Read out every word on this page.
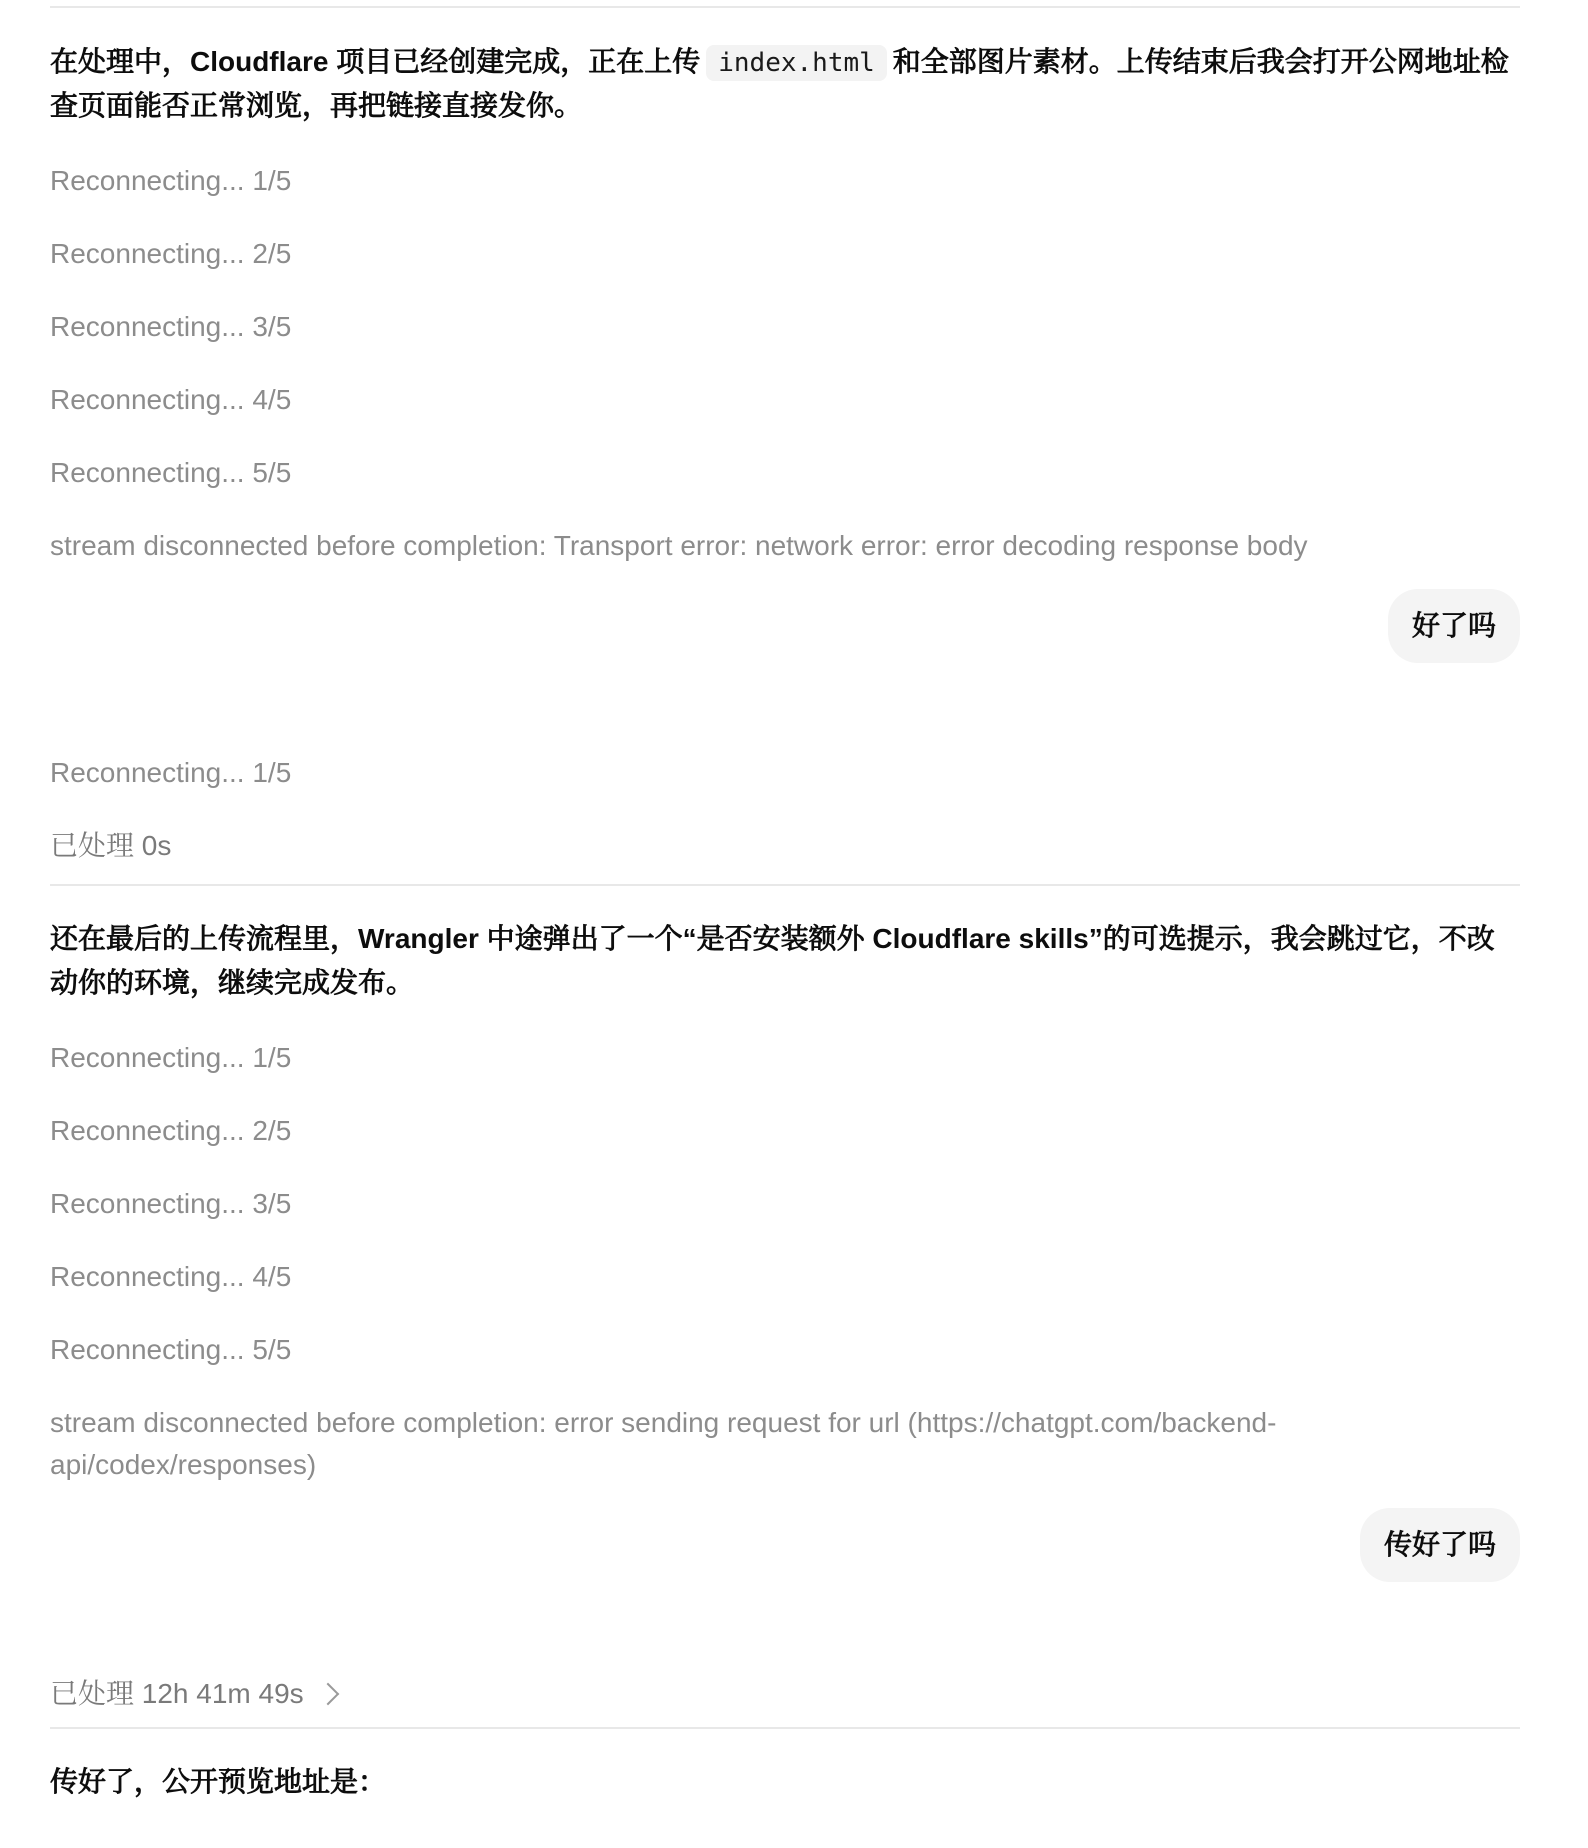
在处理中，Cloudflare 项目已经创建完成，正在上传 index.html 和全部图片素材。上传结束后我会打开公网地址检查页面能否正常浏览，再把链接直接发你。

Reconnecting... 1/5

Reconnecting... 2/5

Reconnecting... 3/5

Reconnecting... 4/5

Reconnecting... 5/5

stream disconnected before completion: Transport error: network error: error decoding response body

好了吗

Reconnecting... 1/5

已处理 0s

还在最后的上传流程里，Wrangler 中途弹出了一个“是否安装额外 Cloudflare skills”的可选提示，我会跳过它，不改动你的环境，继续完成发布。

Reconnecting... 1/5

Reconnecting... 2/5

Reconnecting... 3/5

Reconnecting... 4/5

Reconnecting... 5/5

stream disconnected before completion: error sending request for url (https://chatgpt.com/backend-api/codex/responses)

传好了吗

已处理 12h 41m 49s

传好了，公开预览地址是：
